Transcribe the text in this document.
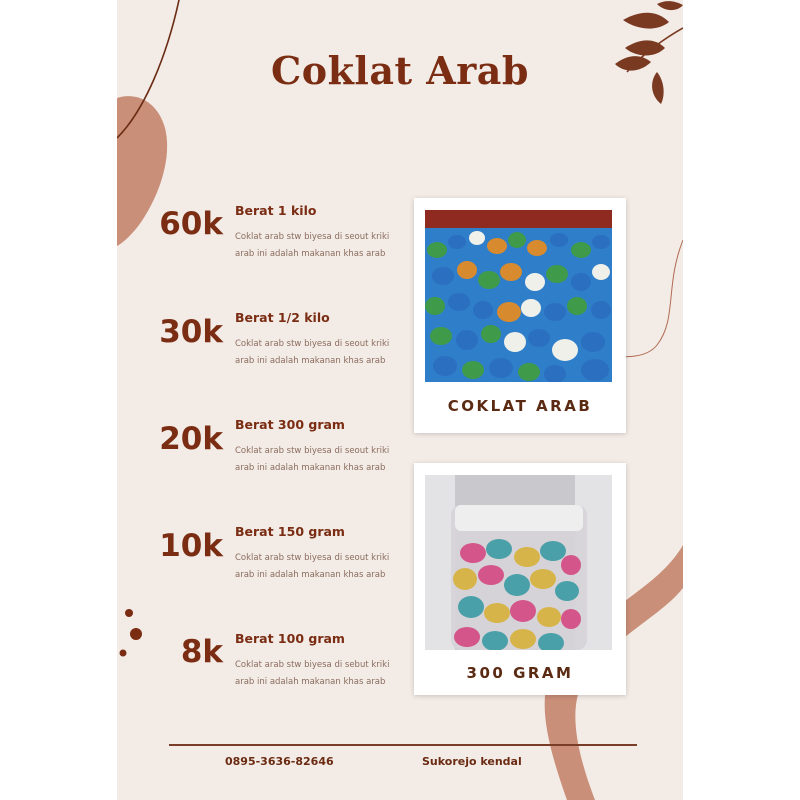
Coklat Arab
60k Berat 1 kilo
Coklat arab stw biyesa di seout kriki arab ini adalah makanan khas arab
30k Berat 1/2 kilo
Coklat arab stw biyesa di seout kriki arab ini adalah makanan khas arab
20k Berat 300 gram
Coklat arab stw biyesa di seout kriki arab ini adalah makanan khas arab
10k Berat 150 gram
Coklat arab stw biyesa di seout kriki arab ini adalah makanan khas arab
8k Berat 100 gram
Coklat arab stw biyesa di sebut kriki arab ini adalah makanan khas arab
COKLAT ARAB
300 GRAM
0895-3636-82646	Sukorejo kendal
